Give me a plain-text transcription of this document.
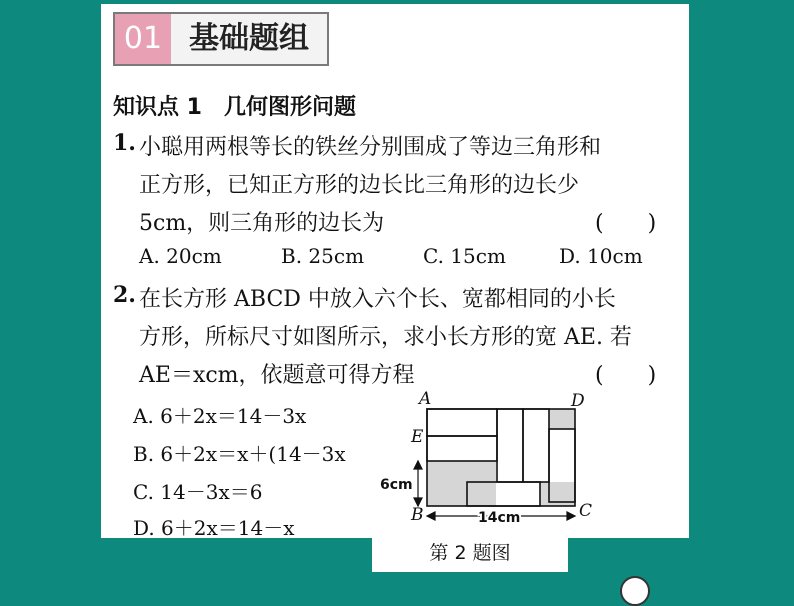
01 基础题组
知识点 1　几何图形问题
1. 小聪用两根等长的铁丝分别围成了等边三角形和
正方形，已知正方形的边长比三角形的边长少
5cm，则三角形的边长为	(　　)
A. 20cm	B. 25cm	C. 15cm	D. 10cm
2. 在长方形 ABCD 中放入六个长、宽都相同的小长
方形，所标尺寸如图所示，求小长方形的宽 AE. 若
AE＝xcm，依题意可得方程	(　　)
A. 6＋2x＝14－3x
B. 6＋2x＝x＋(14－3x
C. 14－3x＝6
D. 6＋2x＝14－x
A	D
E
B	C
6cm
14cm
第 2 题图
